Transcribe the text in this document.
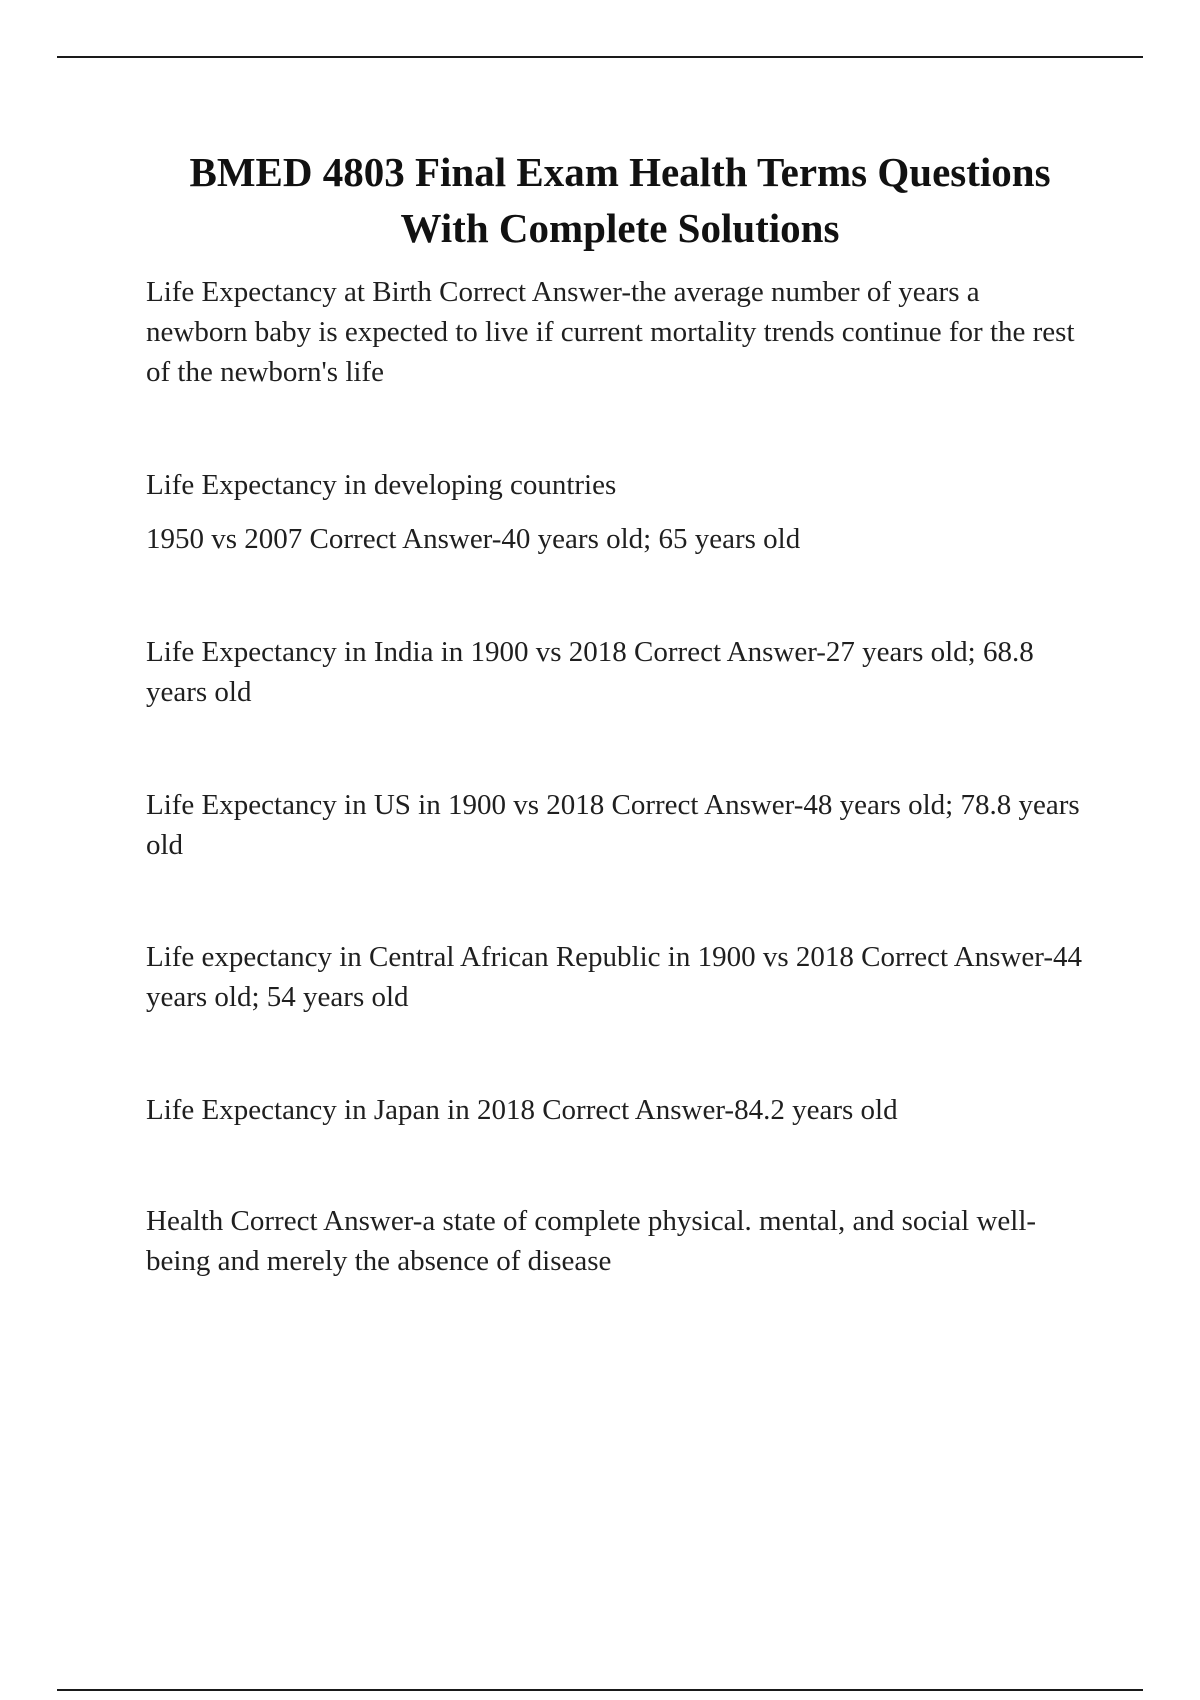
BMED 4803 Final Exam Health Terms Questions
With Complete Solutions

Life Expectancy at Birth Correct Answer-the average number of years a newborn baby is expected to live if current mortality trends continue for the rest of the newborn's life

Life Expectancy in developing countries

1950 vs 2007 Correct Answer-40 years old; 65 years old

Life Expectancy in India in 1900 vs 2018 Correct Answer-27 years old; 68.8 years old

Life Expectancy in US in 1900 vs 2018 Correct Answer-48 years old; 78.8 years old

Life expectancy in Central African Republic in 1900 vs 2018 Correct Answer-44 years old; 54 years old

Life Expectancy in Japan in 2018 Correct Answer-84.2 years old

Health Correct Answer-a state of complete physical. mental, and social well-being and merely the absence of disease
